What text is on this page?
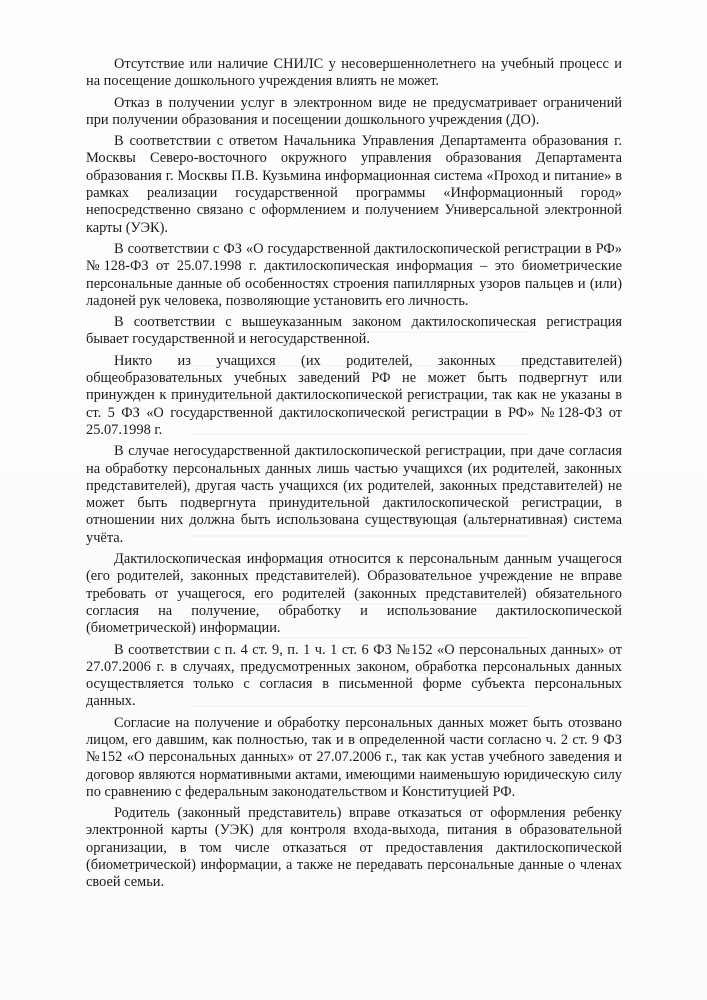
Отсутствие или наличие СНИЛС у несовершеннолетнего на учебный процесс и на посещение дошкольного учреждения влиять не может.

Отказ в получении услуг в электронном виде не предусматривает ограничений при получении образования и посещении дошкольного учреждения (ДО).

В соответствии с ответом Начальника Управления Департамента образования г. Москвы Северо-восточного окружного управления образования Департамента образования г. Москвы П.В. Кузьмина информационная система «Проход и питание» в рамках реализации государственной программы «Информационный город» непосредственно связано с оформлением и получением Универсальной электронной карты (УЭК).

В соответствии с ФЗ «О государственной дактилоскопической регистрации в РФ» №128-ФЗ от 25.07.1998 г. дактилоскопическая информация – это биометрические персональные данные об особенностях строения папиллярных узоров пальцев и (или) ладоней рук человека, позволяющие установить его личность.

В соответствии с вышеуказанным законом дактилоскопическая регистрация бывает государственной и негосударственной.

Никто из учащихся (их родителей, законных представителей) общеобразовательных учебных заведений РФ не может быть подвергнут или принужден к принудительной дактилоскопической регистрации, так как не указаны в ст. 5 ФЗ «О государственной дактилоскопической регистрации в РФ» №128-ФЗ от 25.07.1998 г.

В случае негосударственной дактилоскопической регистрации, при даче согласия на обработку персональных данных лишь частью учащихся (их родителей, законных представителей), другая часть учащихся (их родителей, законных представителей) не может быть подвергнута принудительной дактилоскопической регистрации, в отношении них должна быть использована существующая (альтернативная) система учёта.

Дактилоскопическая информация относится к персональным данным учащегося (его родителей, законных представителей). Образовательное учреждение не вправе требовать от учащегося, его родителей (законных представителей) обязательного согласия на получение, обработку и использование дактилоскопической (биометрической) информации.

В соответствии с п. 4 ст. 9, п. 1 ч. 1 ст. 6 ФЗ №152 «О персональных данных» от 27.07.2006 г. в случаях, предусмотренных законом, обработка персональных данных осуществляется только с согласия в письменной форме субъекта персональных данных.

Согласие на получение и обработку персональных данных может быть отозвано лицом, его давшим, как полностью, так и в определенной части согласно ч. 2 ст. 9 ФЗ №152 «О персональных данных» от 27.07.2006 г., так как устав учебного заведения и договор являются нормативными актами, имеющими наименьшую юридическую силу по сравнению с федеральным законодательством и Конституцией РФ.

Родитель (законный представитель) вправе отказаться от оформления ребенку электронной карты (УЭК) для контроля входа-выхода, питания в образовательной организации, в том числе отказаться от предоставления дактилоскопической (биометрической) информации, а также не передавать персональные данные о членах своей семьи.
